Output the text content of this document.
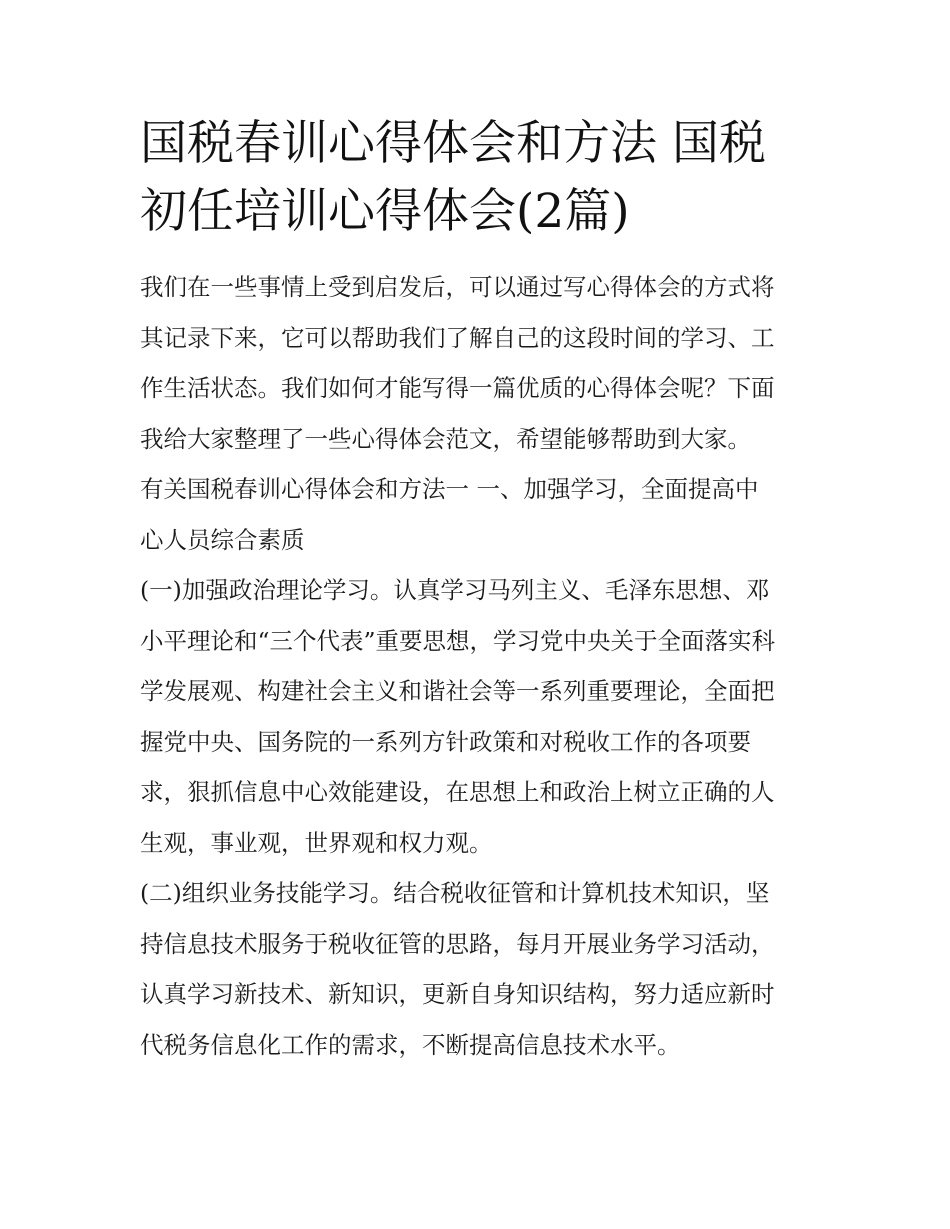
国税春训心得体会和方法 国税
初任培训心得体会(2篇)

我们在一些事情上受到启发后，可以通过写心得体会的方式将
其记录下来，它可以帮助我们了解自己的这段时间的学习、工
作生活状态。我们如何才能写得一篇优质的心得体会呢？下面
我给大家整理了一些心得体会范文，希望能够帮助到大家。

有关国税春训心得体会和方法一 一、加强学习，全面提高中
心人员综合素质

(一)加强政治理论学习。认真学习马列主义、毛泽东思想、邓
小平理论和“三个代表”重要思想，学习党中央关于全面落实科
学发展观、构建社会主义和谐社会等一系列重要理论，全面把
握党中央、国务院的一系列方针政策和对税收工作的各项要
求，狠抓信息中心效能建设，在思想上和政治上树立正确的人
生观，事业观，世界观和权力观。

(二)组织业务技能学习。结合税收征管和计算机技术知识，坚
持信息技术服务于税收征管的思路，每月开展业务学习活动，
认真学习新技术、新知识，更新自身知识结构，努力适应新时
代税务信息化工作的需求，不断提高信息技术水平。
